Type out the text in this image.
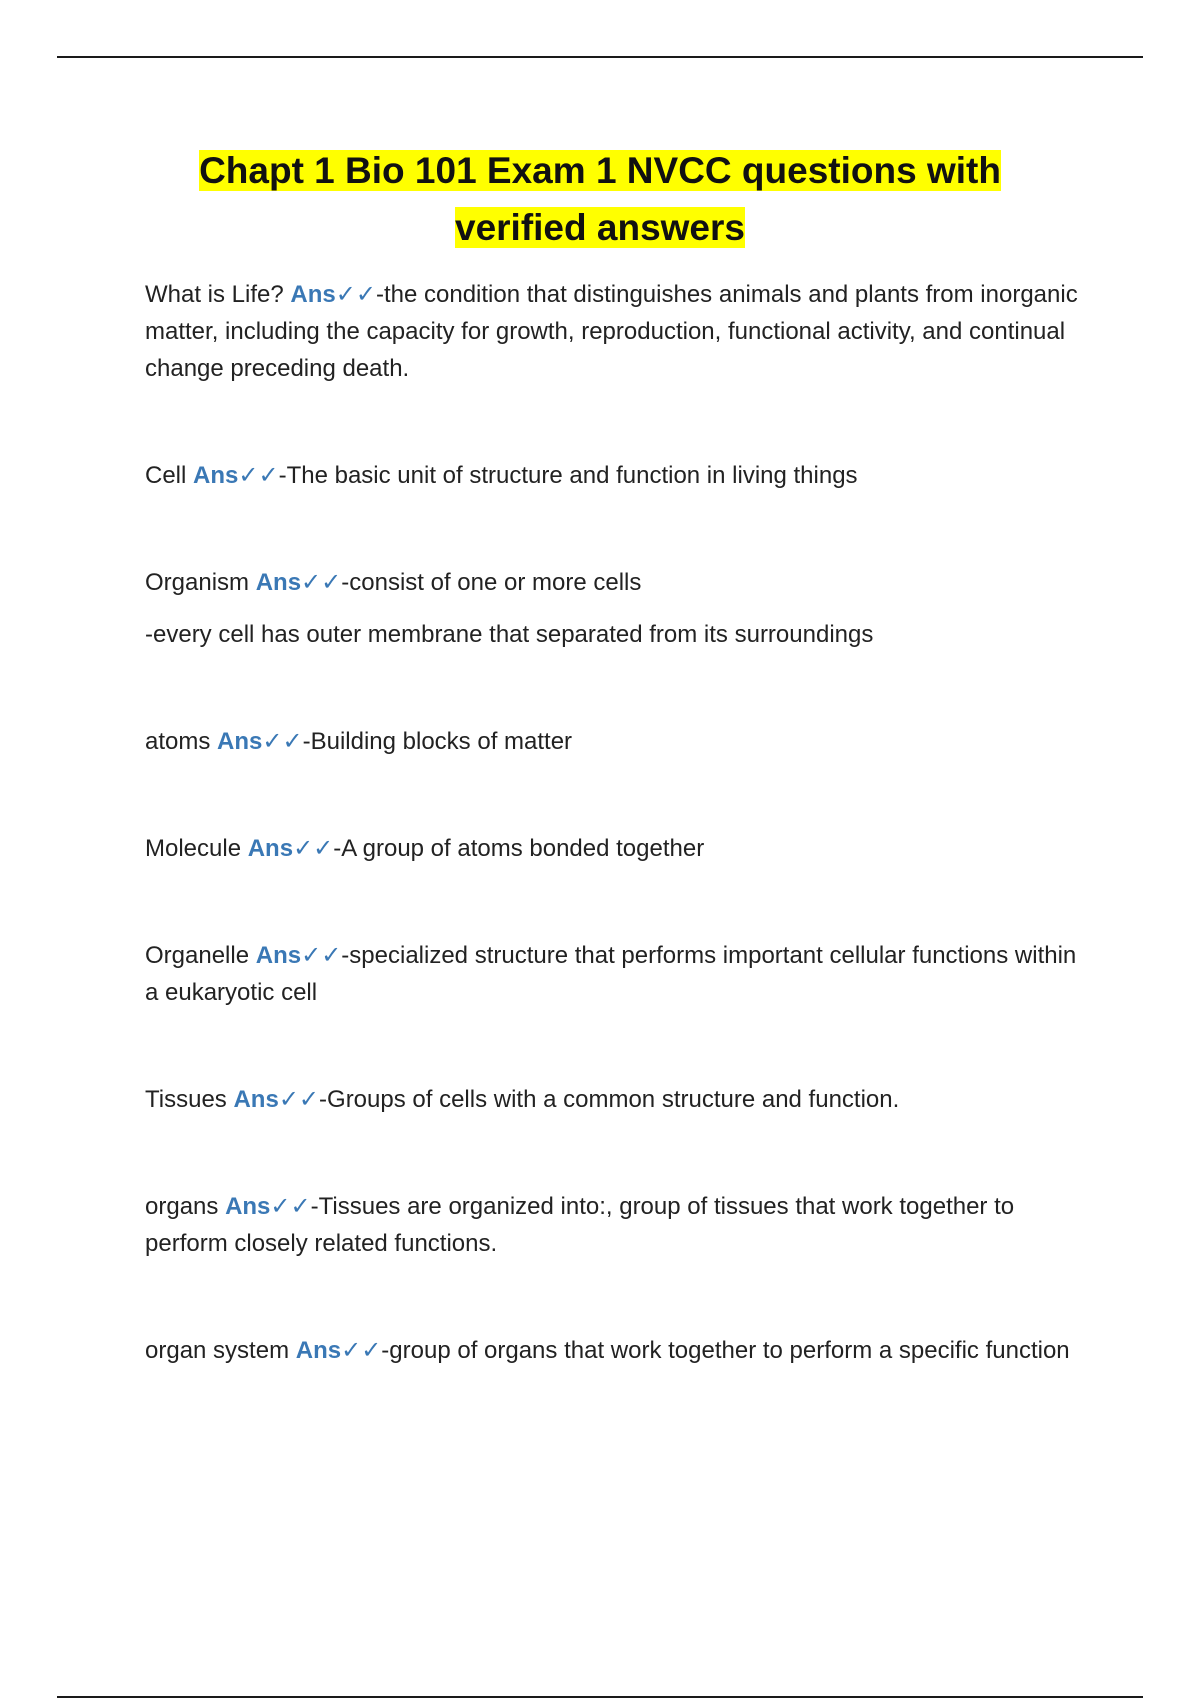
Chapt 1 Bio 101 Exam 1 NVCC questions with
verified answers

What is Life? Ans✓✓-the condition that distinguishes animals and plants from inorganic matter, including the capacity for growth, reproduction, functional activity, and continual change preceding death.

Cell Ans✓✓-The basic unit of structure and function in living things

Organism Ans✓✓-consist of one or more cells

-every cell has outer membrane that separated from its surroundings

atoms Ans✓✓-Building blocks of matter

Molecule Ans✓✓-A group of atoms bonded together

Organelle Ans✓✓-specialized structure that performs important cellular functions within a eukaryotic cell

Tissues Ans✓✓-Groups of cells with a common structure and function.

organs Ans✓✓-Tissues are organized into:, group of tissues that work together to perform closely related functions.

organ system Ans✓✓-group of organs that work together to perform a specific function
